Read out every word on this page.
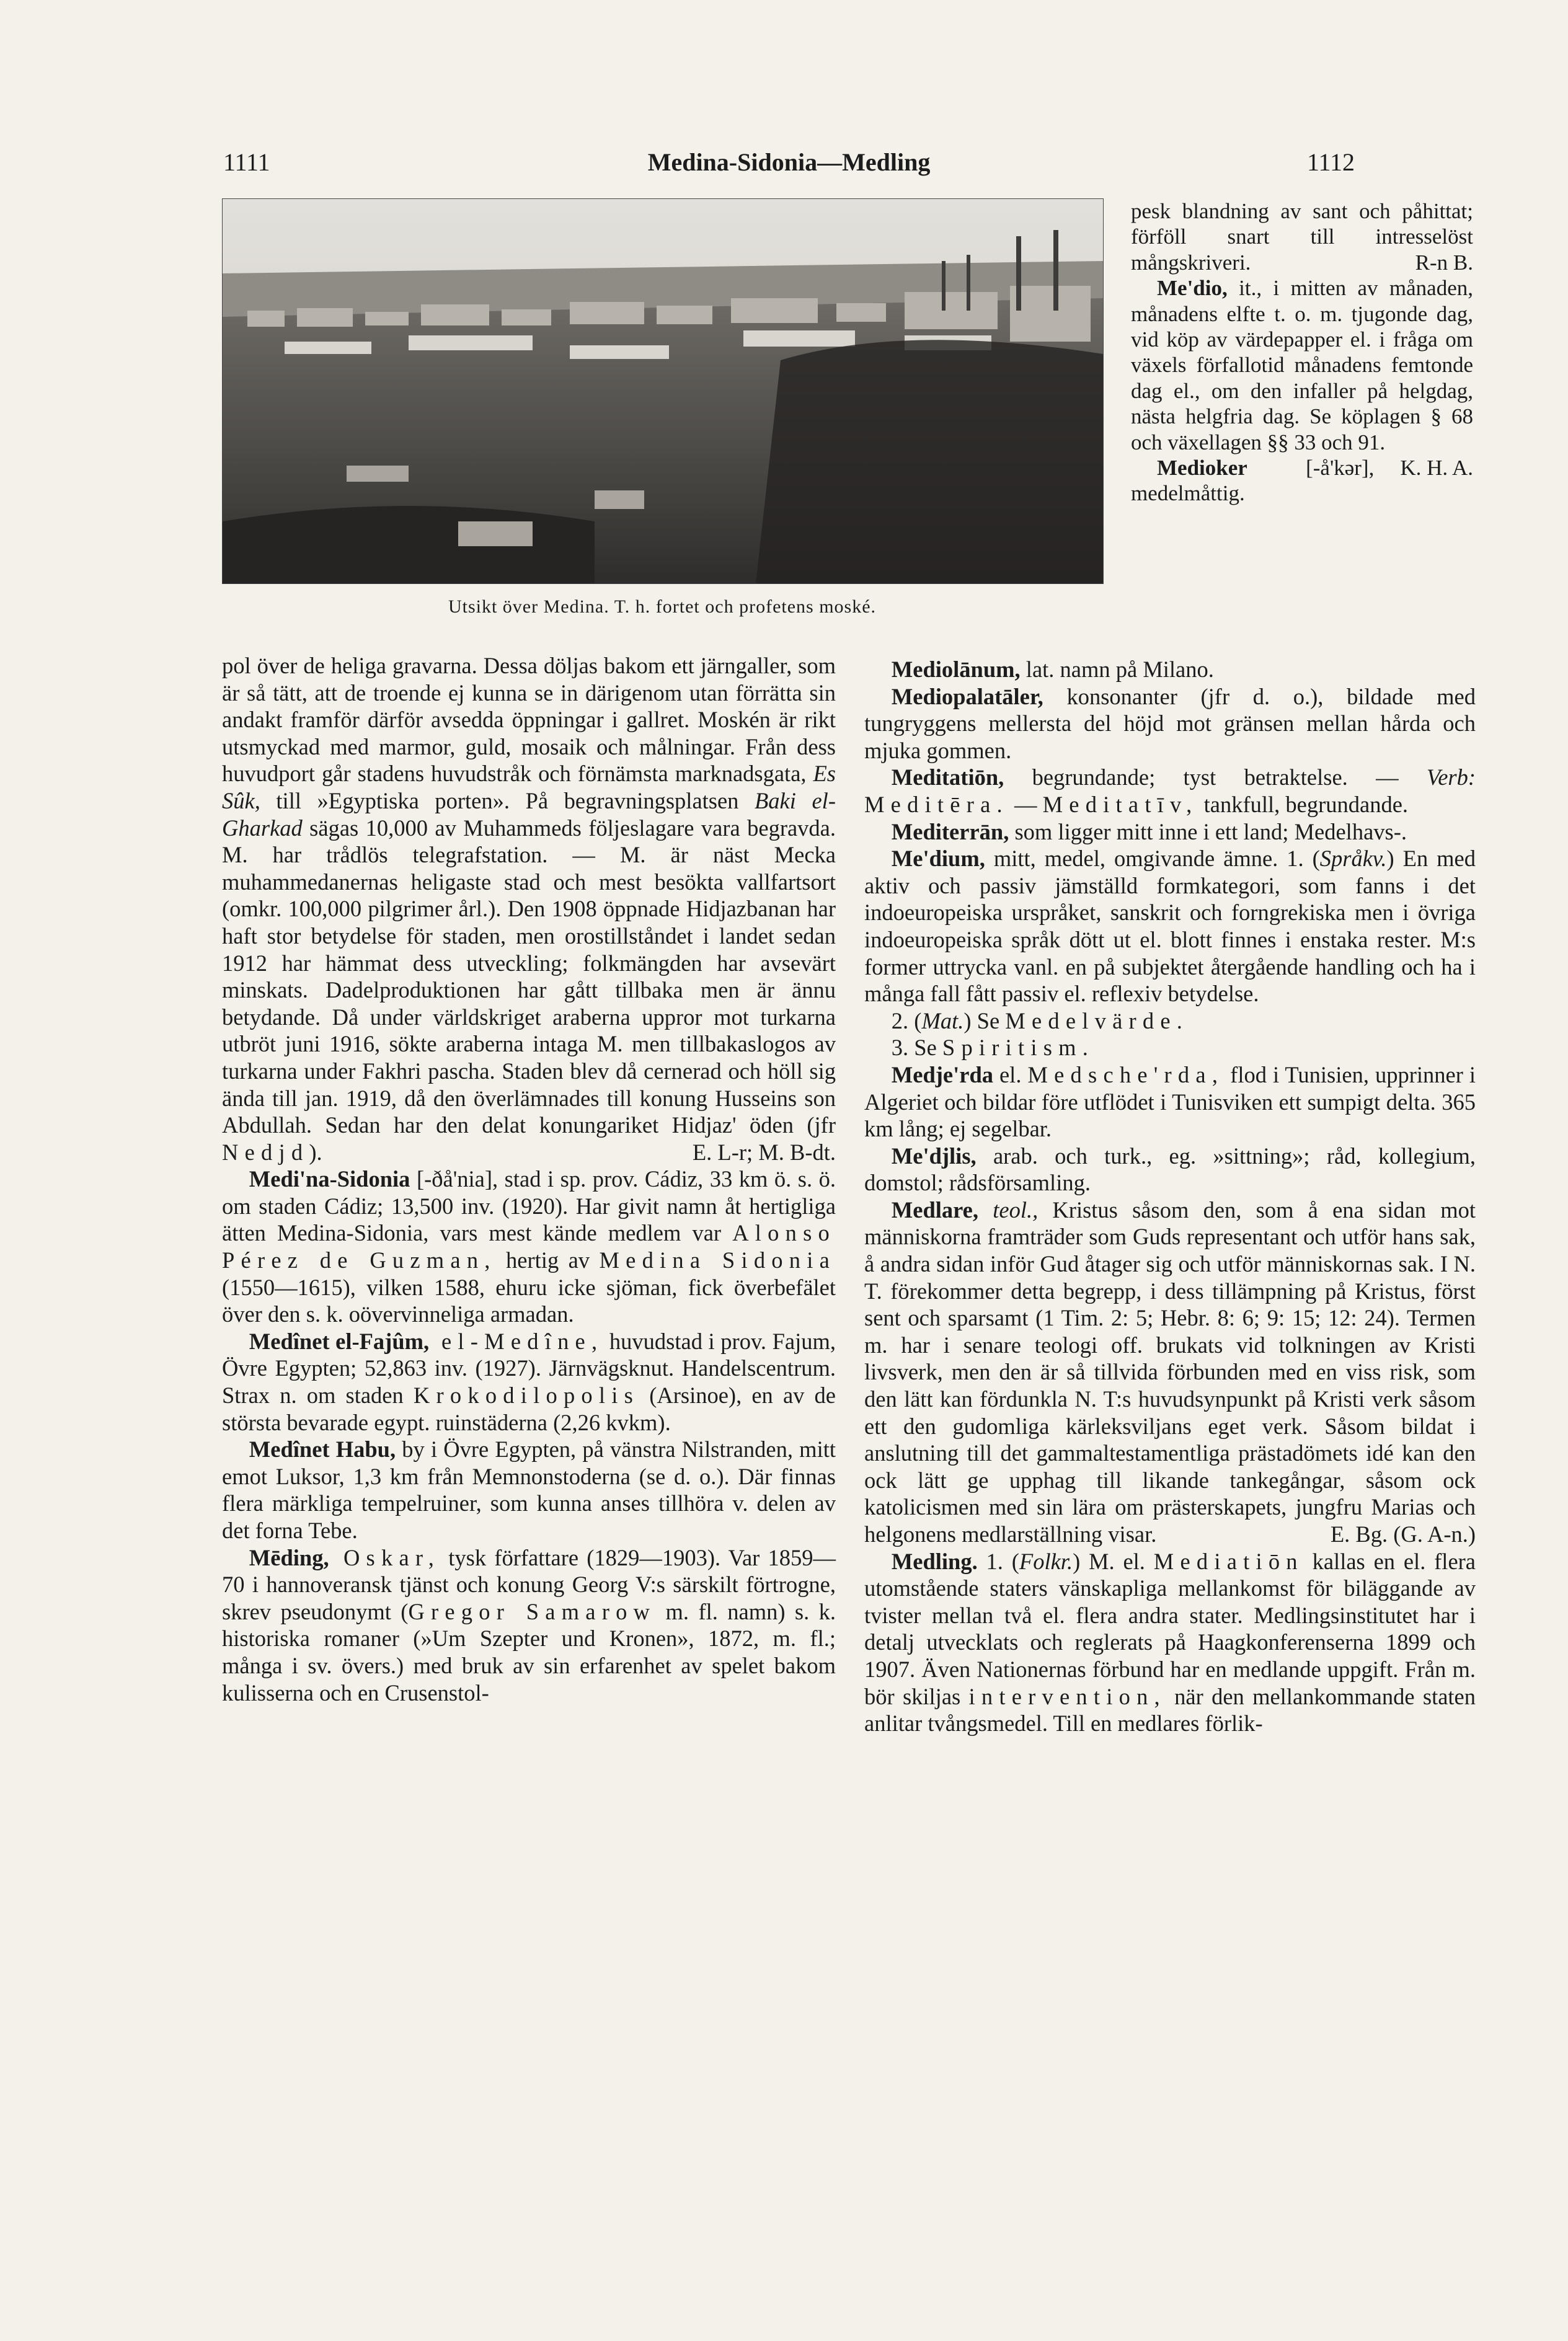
1111	Medina-Sidonia—Medling	1112
Utsikt över Medina. T. h. fortet och profetens moské.

pesk blandning av sant och påhittat; förföll snart till intresselöst mångskriveri.	R-n B.

Me'dio, it., i mitten av månaden, månadens elfte t. o. m. tjugonde dag, vid köp av värdepapper el. i fråga om växels förfallotid månadens femtonde dag el., om den infaller på helgdag, nästa helgfria dag. Se köplagen § 68 och växellagen §§ 33 och 91.
K. H. A.

Medioker [-å'kər], medelmåttig.

pol över de heliga gravarna. Dessa döljas bakom ett järngaller, som är så tätt, att de troende ej kunna se in därigenom utan förrätta sin andakt framför därför avsedda öppningar i gallret. Moskén är rikt utsmyckad med marmor, guld, mosaik och målningar. Från dess huvudport går stadens huvudstråk och förnämsta marknadsgata, Es Sûk, till »Egyptiska porten». På begravningsplatsen Baki el-Gharkad sägas 10,000 av Muhammeds följeslagare vara begravda. M. har trådlös telegrafstation. — M. är näst Mecka muhammedanernas heligaste stad och mest besökta vallfartsort (omkr. 100,000 pilgrimer årl.). Den 1908 öppnade Hidjazbanan har haft stor betydelse för staden, men orostillståndet i landet sedan 1912 har hämmat dess utveckling; folkmängden har avsevärt minskats. Dadelproduktionen har gått tillbaka men är ännu betydande. Då under världskriget araberna uppror mot turkarna utbröt juni 1916, sökte araberna intaga M. men tillbakaslogos av turkarna under Fakhri pascha. Staden blev då cernerad och höll sig ända till jan. 1919, då den överlämnades till konung Husseins son Abdullah. Sedan har den delat konungariket Hidjaz' öden (jfr Nedjd).	E. L-r; M. B-dt.

Medi'na-Sidonia [-ðå'nia], stad i sp. prov. Cádiz, 33 km ö. s. ö. om staden Cádiz; 13,500 inv. (1920). Har givit namn åt hertigliga ätten Medina-Sidonia, vars mest kände medlem var Alonso Pérez de Guzman, hertig av Medina Sidonia (1550—1615), vilken 1588, ehuru icke sjöman, fick överbefälet över den s. k. oövervinneliga armadan.

Medînet el-Fajûm, el-Medîne, huvudstad i prov. Fajum, Övre Egypten; 52,863 inv. (1927). Järnvägsknut. Handelscentrum. Strax n. om staden Krokodilopolis (Arsinoe), en av de största bevarade egypt. ruinstäderna (2,26 kvkm).

Medînet Habu, by i Övre Egypten, på vänstra Nilstranden, mitt emot Luksor, 1,3 km från Memnonstoderna (se d. o.). Där finnas flera märkliga tempelruiner, som kunna anses tillhöra v. delen av det forna Tebe.

Mēding, Oskar, tysk författare (1829—1903). Var 1859—70 i hannoveransk tjänst och konung Georg V:s särskilt förtrogne, skrev pseudonymt (Gregor Samarow m. fl. namn) s. k. historiska romaner (»Um Szepter und Kronen», 1872, m. fl.; många i sv. övers.) med bruk av sin erfarenhet av spelet bakom kulisserna och en Crusenstol-

Mediolānum, lat. namn på Milano.

Mediopalatāler, konsonanter (jfr d. o.), bildade med tungryggens mellersta del höjd mot gränsen mellan hårda och mjuka gommen.

Meditatiōn, begrundande; tyst betraktelse. — Verb: Meditēra. — Meditatīv, tankfull, begrundande.

Mediterrān, som ligger mitt inne i ett land; Medelhavs-.

Me'dium, mitt, medel, omgivande ämne. 1. (Språkv.) En med aktiv och passiv jämställd formkategori, som fanns i det indoeuropeiska urspråket, sanskrit och forngrekiska men i övriga indoeuropeiska språk dött ut el. blott finnes i enstaka rester. M:s former uttrycka vanl. en på subjektet återgående handling och ha i många fall fått passiv el. reflexiv betydelse.

2. (Mat.) Se Medelvärde.

3. Se Spiritism.

Medje'rda el. Medsche'rda, flod i Tunisien, upprinner i Algeriet och bildar före utflödet i Tunisviken ett sumpigt delta. 365 km lång; ej segelbar.

Me'djlis, arab. och turk., eg. »sittning»; råd, kollegium, domstol; rådsförsamling.

Medlare, teol., Kristus såsom den, som å ena sidan mot människorna framträder som Guds representant och utför hans sak, å andra sidan inför Gud åtager sig och utför människornas sak. I N. T. förekommer detta begrepp, i dess tillämpning på Kristus, först sent och sparsamt (1 Tim. 2: 5; Hebr. 8: 6; 9: 15; 12: 24). Termen m. har i senare teologi off. brukats vid tolkningen av Kristi livsverk, men den är så tillvida förbunden med en viss risk, som den lätt kan fördunkla N. T:s huvudsynpunkt på Kristi verk såsom ett den gudomliga kärleksviljans eget verk. Såsom bildat i anslutning till det gammaltestamentliga prästadömets idé kan den ock lätt ge upphag till likande tankegångar, såsom ock katolicismen med sin lära om prästerskapets, jungfru Marias och helgonens medlarställning visar.	E. Bg. (G. A-n.)

Medling. 1. (Folkr.) M. el. Mediatiōn kallas en el. flera utomstående staters vänskapliga mellankomst för biläggande av tvister mellan två el. flera andra stater. Medlingsinstitutet har i detalj utvecklats och reglerats på Haagkonferenserna 1899 och 1907. Även Nationernas förbund har en medlande uppgift. Från m. bör skiljas intervention, när den mellankommande staten anlitar tvångsmedel. Till en medlares förlik-
